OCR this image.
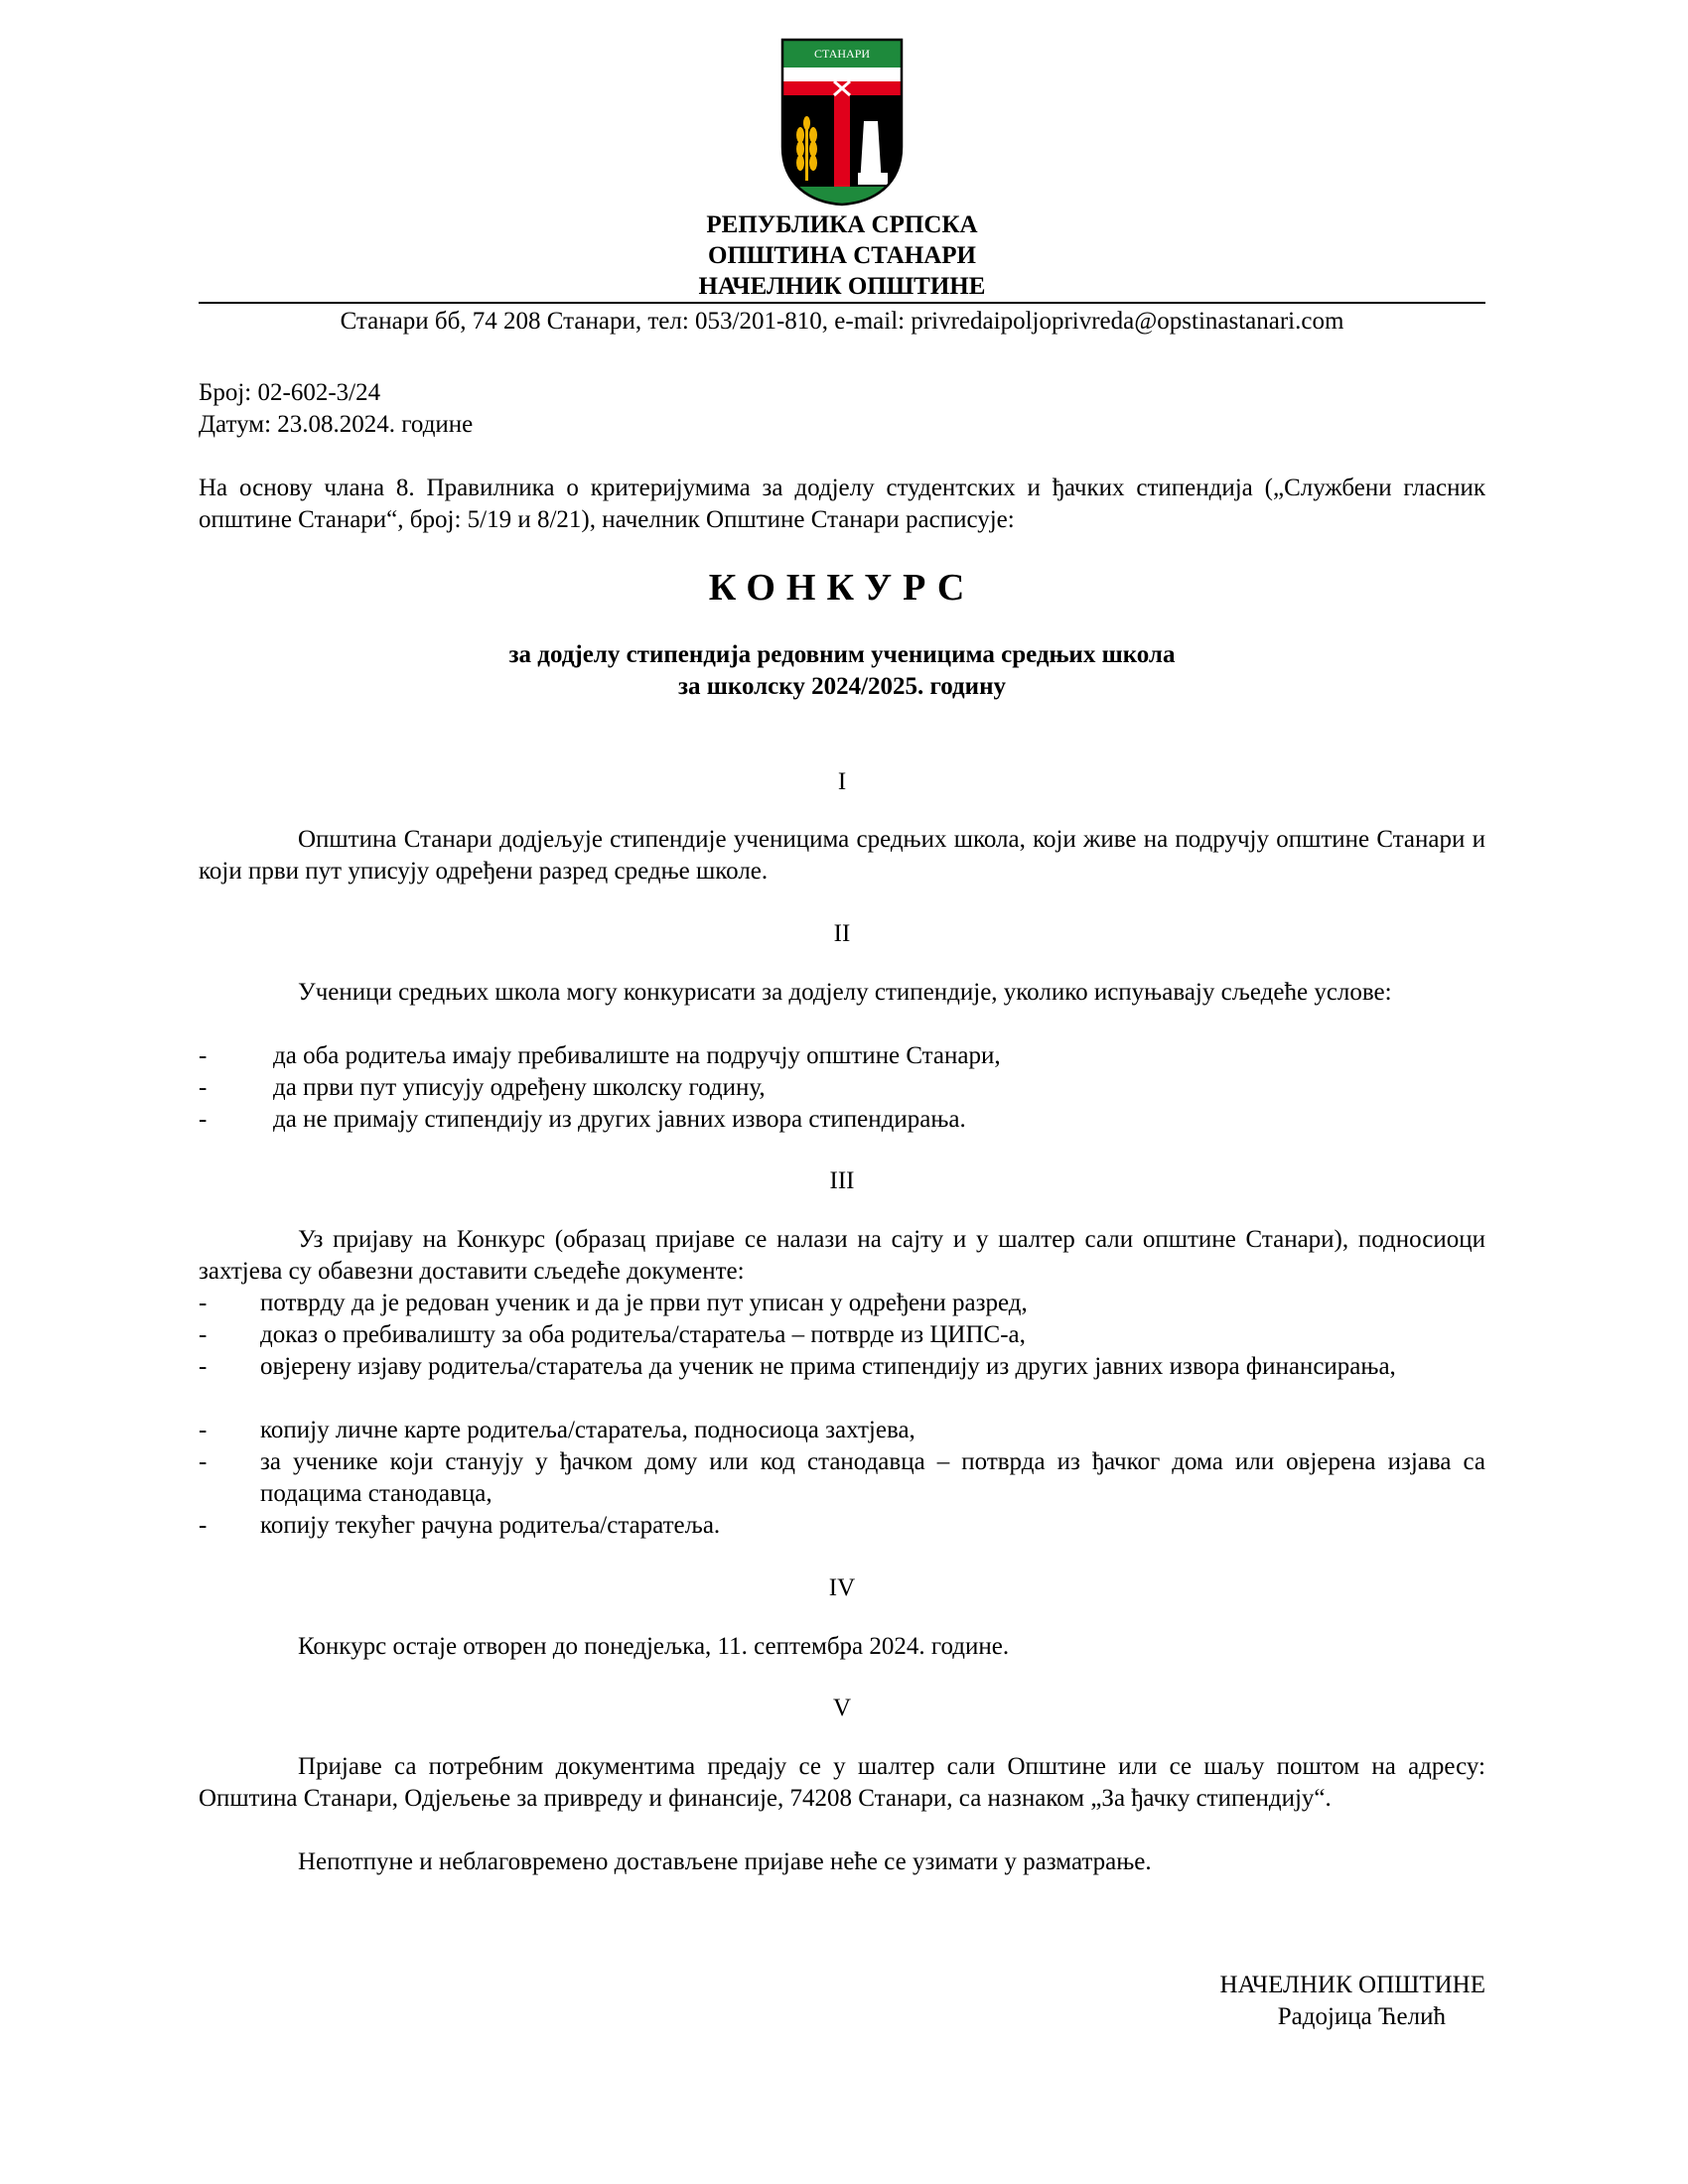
СТАНАРИ
РЕПУБЛИКА СРПСКА
ОПШТИНА СТАНАРИ
НАЧЕЛНИК ОПШТИНЕ
Станари бб, 74 208 Станари, тел: 053/201-810, e-mail: privredaipoljoprivreda@opstinastanari.com
Број: 02-602-3/24
Датум: 23.08.2024. године
На основу члана 8. Правилника о критеријумима за додјелу студентских и ђачких стипендија („Службени гласник општине Станари“, број: 5/19 и 8/21), начелник Општине Станари расписује:
КОНКУРС
за додјелу стипендија редовним ученицима средњих школа
за школску 2024/2025. годину
I
Општина Станари додјељује стипендије ученицима средњих школа, који живе на подручју општине Станари и који први пут уписују одређени разред средње школе.
II
Ученици средњих школа могу конкурисати за додјелу стипендије, уколико испуњавају сљедеће услове:
-	да оба родитеља имају пребивалиште на подручју општине Станари,
-	да први пут уписују одређену школску годину,
-	да не примају стипендију из других јавних извора стипендирања.
III
Уз пријаву на Конкурс (образац пријаве се налази на сајту и у шалтер сали општине Станари), подносиоци захтјева су обавезни доставити сљедеће документе:
- потврду да је редован ученик и да је први пут уписан у одређени разред,
- доказ о пребивалишту за оба родитеља/старатеља – потврде из ЦИПС-а,
- овјерену изјаву родитеља/старатеља да ученик не прима стипендију из других јавних извора финансирања,
- копију личне карте родитеља/старатеља, подносиоца захтјева,
- за ученике који станују у ђачком дому или код станодавца – потврда из ђачког дома или овјерена изјава са подацима станодавца,
- копију текућег рачуна родитеља/старатеља.
IV
Конкурс остаје отворен до понедјељка, 11. септембра 2024. године.
V
Пријаве са потребним документима предају се у шалтер сали Општине или се шаљу поштом на адресу: Општина Станари, Одјељење за привреду и финансије, 74208 Станари, са назнаком „За ђачку стипендију“.
Непотпуне и неблаговремено достављене пријаве неће се узимати у разматрање.
НАЧЕЛНИК ОПШТИНЕ
Радојица Ћелић
